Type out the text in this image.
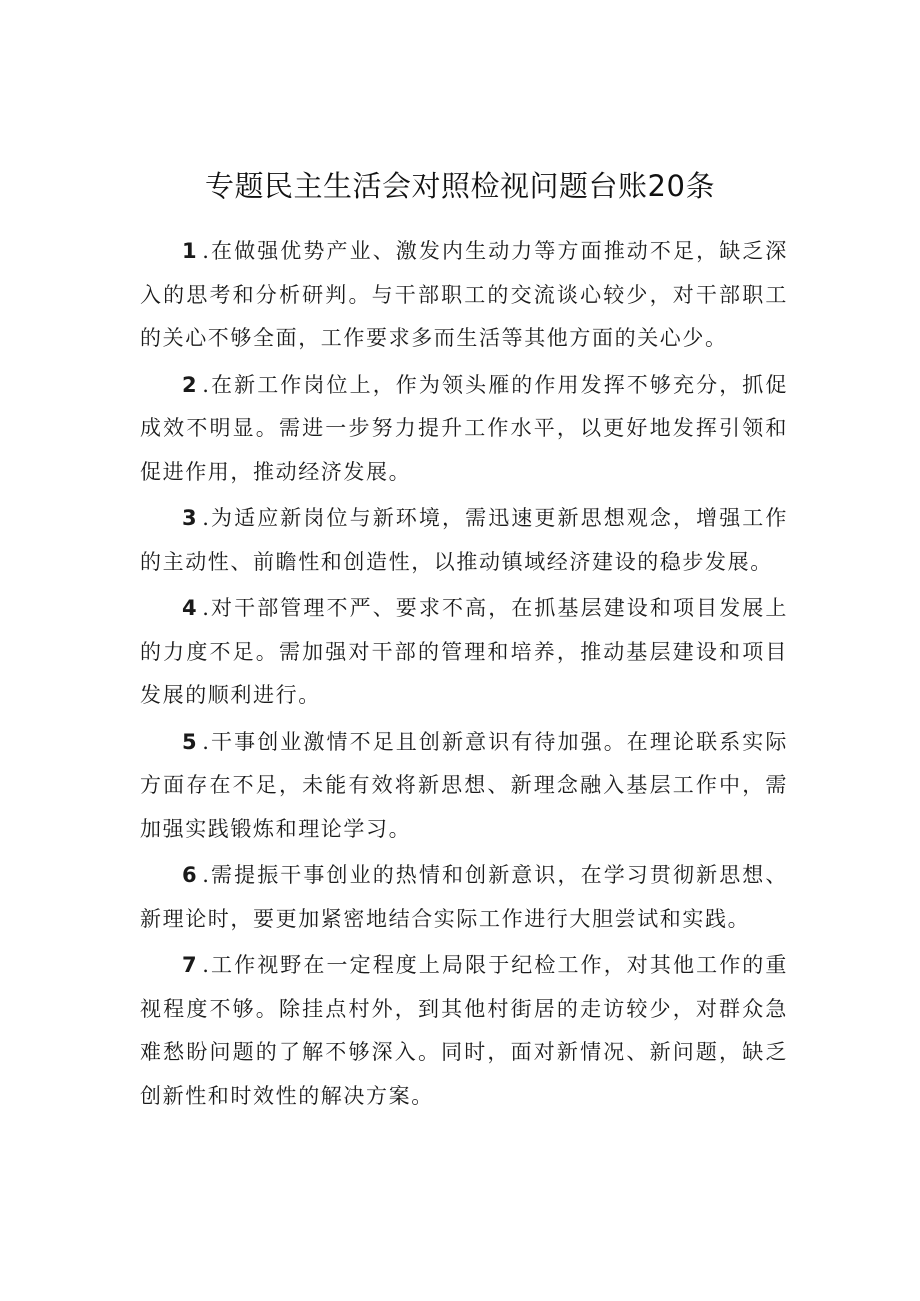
专题民主生活会对照检视问题台账20条

1 .在做强优势产业、激发内生动力等方面推动不足，缺乏深入的思考和分析研判。与干部职工的交流谈心较少，对干部职工的关心不够全面，工作要求多而生活等其他方面的关心少。

2 .在新工作岗位上，作为领头雁的作用发挥不够充分，抓促成效不明显。需进一步努力提升工作水平，以更好地发挥引领和促进作用，推动经济发展。

3 .为适应新岗位与新环境，需迅速更新思想观念，增强工作的主动性、前瞻性和创造性，以推动镇域经济建设的稳步发展。

4 .对干部管理不严、要求不高，在抓基层建设和项目发展上的力度不足。需加强对干部的管理和培养，推动基层建设和项目发展的顺利进行。

5 .干事创业激情不足且创新意识有待加强。在理论联系实际方面存在不足，未能有效将新思想、新理念融入基层工作中，需加强实践锻炼和理论学习。

6 .需提振干事创业的热情和创新意识，在学习贯彻新思想、新理论时，要更加紧密地结合实际工作进行大胆尝试和实践。

7 .工作视野在一定程度上局限于纪检工作，对其他工作的重视程度不够。除挂点村外，到其他村街居的走访较少，对群众急难愁盼问题的了解不够深入。同时，面对新情况、新问题，缺乏创新性和时效性的解决方案。
